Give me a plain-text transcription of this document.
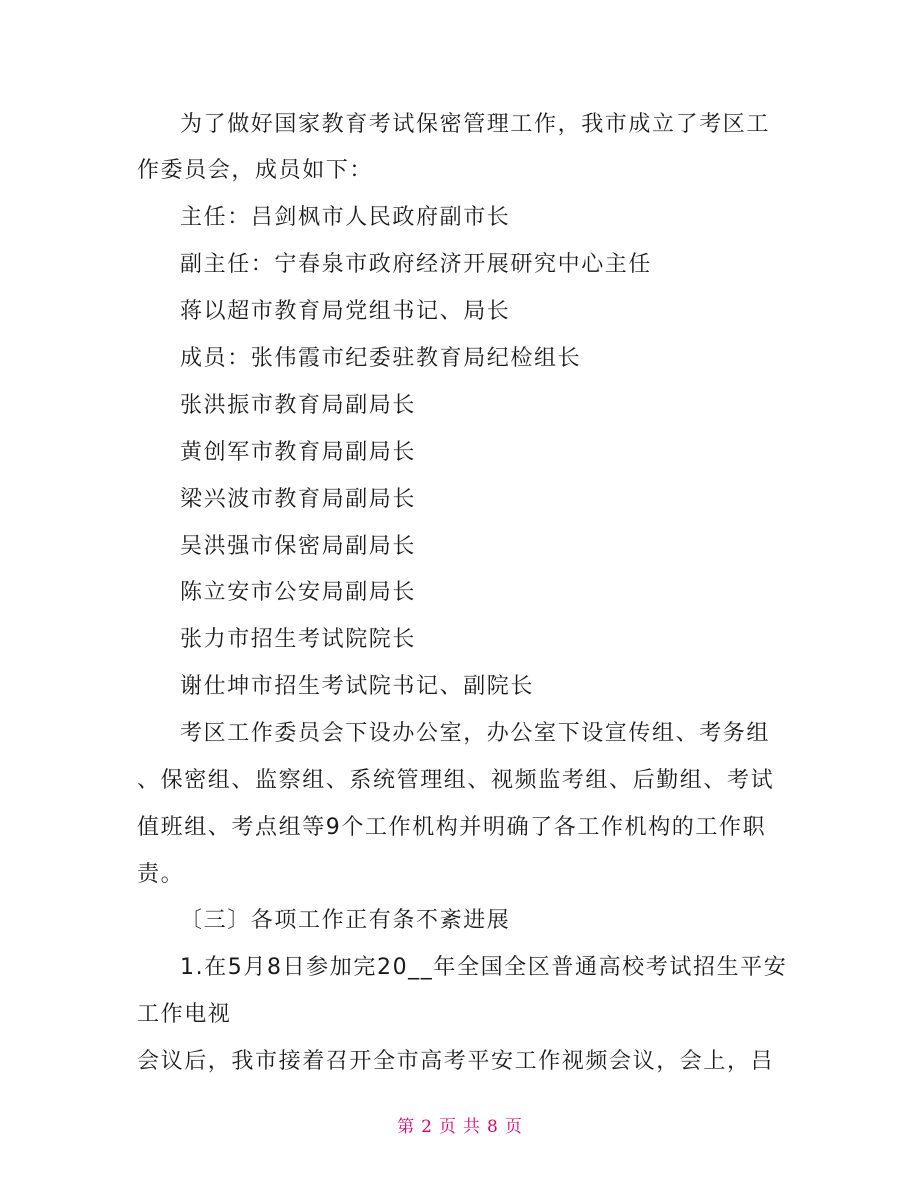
为了做好国家教育考试保密管理工作，我市成立了考区工
作委员会，成员如下：
主任：吕剑枫市人民政府副市长
副主任：宁春泉市政府经济开展研究中心主任
蒋以超市教育局党组书记、局长
成员：张伟霞市纪委驻教育局纪检组长
张洪振市教育局副局长
黄创军市教育局副局长
梁兴波市教育局副局长
吴洪强市保密局副局长
陈立安市公安局副局长
张力市招生考试院院长
谢仕坤市招生考试院书记、副院长
考区工作委员会下设办公室，办公室下设宣传组、考务组
、保密组、监察组、系统管理组、视频监考组、后勤组、考试
值班组、考点组等9个工作机构并明确了各工作机构的工作职
责。
〔三〕各项工作正有条不紊进展
1.在5月8日参加完20__年全国全区普通高校考试招生平安
工作电视
会议后，我市接着召开全市高考平安工作视频会议，会上，吕
第 2 页 共 8 页
